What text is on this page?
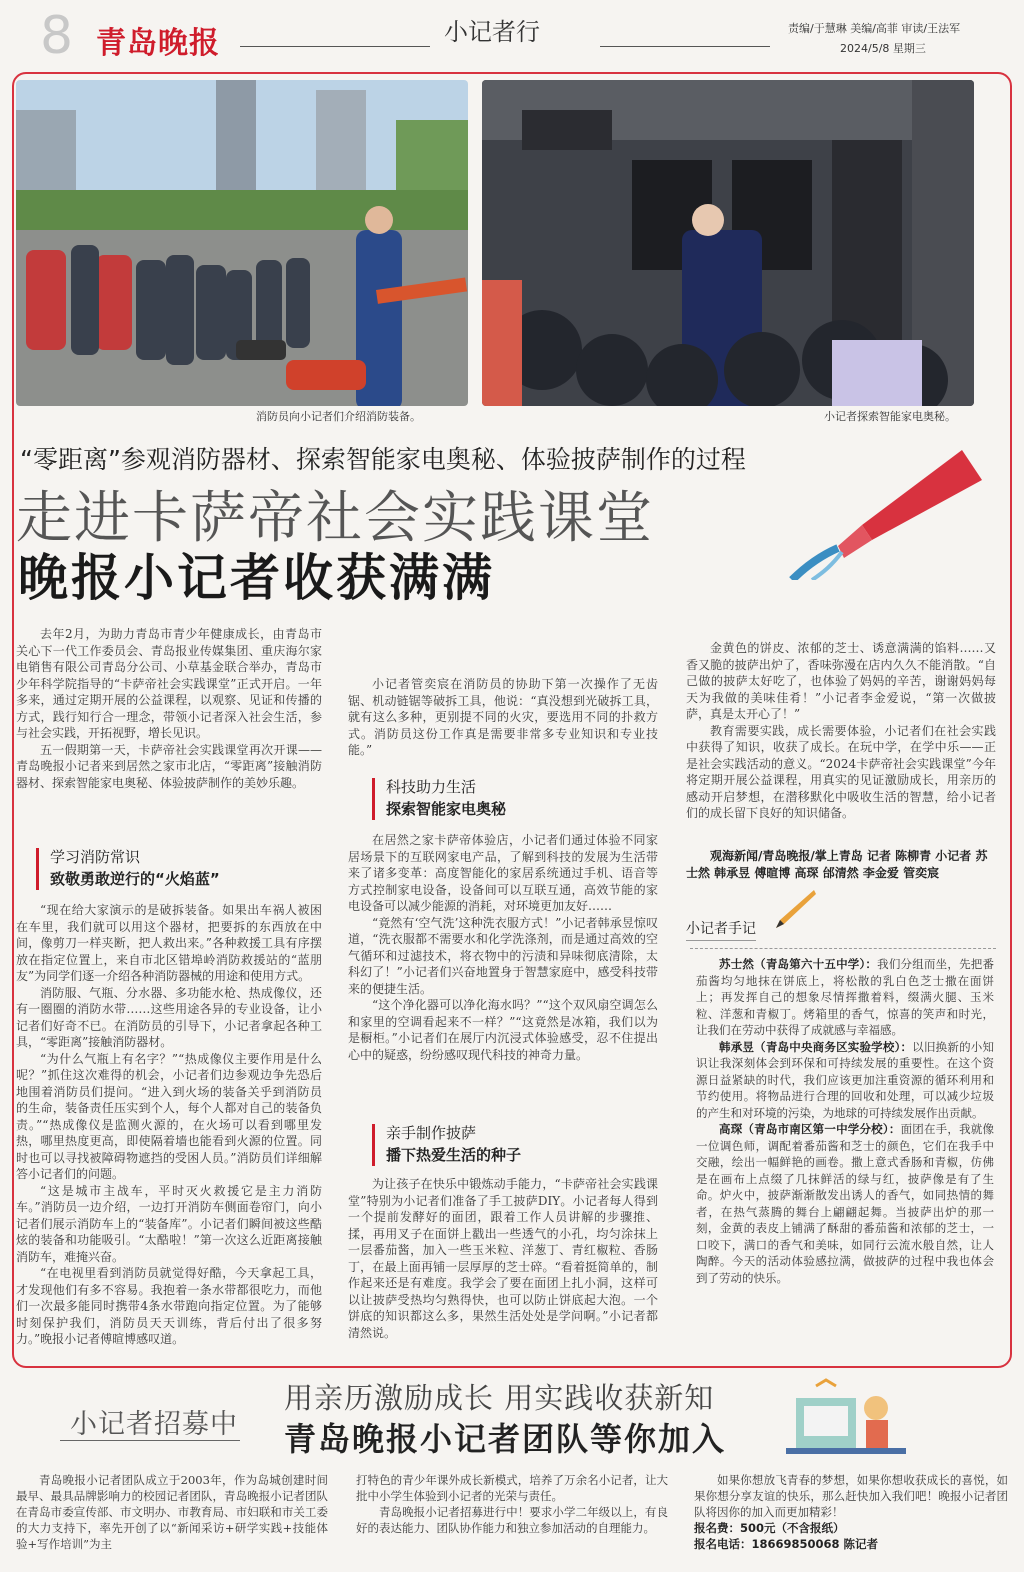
8 青岛晚报	小记者行	责编/于慧琳 美编/高菲 审读/王法军
2024/5/8 星期三
消防员向小记者们介绍消防装备。	小记者探索智能家电奥秘。
“零距离”参观消防器材、探索智能家电奥秘、体验披萨制作的过程
走进卡萨帝社会实践课堂
晚报小记者收获满满

去年2月，为助力青岛市青少年健康成长，由青岛市关心下一代工作委员会、青岛报业传媒集团、重庆海尔家电销售有限公司青岛分公司、小草基金联合举办，青岛市少年科学院指导的“卡萨帝社会实践课堂”正式开启。一年多来，通过定期开展的公益课程，以观察、见证和传播的方式，践行知行合一理念，带领小记者深入社会生活，参与社会实践，开拓视野，增长见识。

五一假期第一天，卡萨帝社会实践课堂再次开课——青岛晚报小记者来到居然之家市北店，“零距离”接触消防器材、探索智能家电奥秘、体验披萨制作的美妙乐趣。

学习消防常识
致敬勇敢逆行的“火焰蓝”

“现在给大家演示的是破拆装备。如果出车祸人被困在车里，我们就可以用这个器材，把要拆的东西放在中间，像剪刀一样夹断，把人救出来。”各种救援工具有序摆放在指定位置上，来自市北区错埠岭消防救援站的“蓝朋友”为同学们逐一介绍各种消防器械的用途和使用方式。

消防服、气瓶、分水器、多功能水枪、热成像仪，还有一圈圈的消防水带……这些用途各异的专业设备，让小记者们好奇不已。在消防员的引导下，小记者拿起各种工具，“零距离”接触消防器材。

“为什么气瓶上有名字？”“热成像仪主要作用是什么呢？”抓住这次难得的机会，小记者们边参观边争先恐后地围着消防员们提问。“进入到火场的装备关乎到消防员的生命，装备责任压实到个人，每个人都对自己的装备负责。”“热成像仪是监测火源的，在火场可以看到哪里发热，哪里热度更高，即使隔着墙也能看到火源的位置。同时也可以寻找被障碍物遮挡的受困人员。”消防员们详细解答小记者们的问题。

“这是城市主战车，平时灭火救援它是主力消防车。”消防员一边介绍，一边打开消防车侧面卷帘门，向小记者们展示消防车上的“装备库”。小记者们瞬间被这些酷炫的装备和功能吸引。“太酷啦！”第一次这么近距离接触消防车，难掩兴奋。

“在电视里看到消防员就觉得好酷，今天拿起工具，才发现他们有多不容易。我抱着一条水带都很吃力，而他们一次最多能同时携带4条水带跑向指定位置。为了能够时刻保护我们，消防员天天训练，背后付出了很多努力。”晚报小记者傅暄博感叹道。

小记者管奕宸在消防员的协助下第一次操作了无齿锯、机动链锯等破拆工具，他说：“真没想到光破拆工具，就有这么多种，更别提不同的火灾，要选用不同的扑救方式。消防员这份工作真是需要非常多专业知识和专业技能。”

科技助力生活
探索智能家电奥秘

在居然之家卡萨帝体验店，小记者们通过体验不同家居场景下的互联网家电产品，了解到科技的发展为生活带来了诸多变革：高度智能化的家居系统通过手机、语音等方式控制家电设备，设备间可以互联互通，高效节能的家电设备可以减少能源的消耗，对环境更加友好……

“竟然有‘空气洗’这种洗衣服方式！”小记者韩承昱惊叹道，“洗衣服都不需要水和化学洗涤剂，而是通过高效的空气循环和过滤技术，将衣物中的污渍和异味彻底清除，太科幻了！”小记者们兴奋地置身于智慧家庭中，感受科技带来的便捷生活。

“这个净化器可以净化海水吗？”“这个双风扇空调怎么和家里的空调看起来不一样？”“这竟然是冰箱，我们以为是橱柜。”小记者们在展厅内沉浸式体验感受，忍不住提出心中的疑惑，纷纷感叹现代科技的神奇力量。

亲手制作披萨
播下热爱生活的种子

为让孩子在快乐中锻炼动手能力，“卡萨帝社会实践课堂”特别为小记者们准备了手工披萨DIY。小记者每人得到一个提前发酵好的面团，跟着工作人员讲解的步骤推、揉，再用叉子在面饼上戳出一些透气的小孔，均匀涂抹上一层番茄酱，加入一些玉米粒、洋葱丁、青红椒粒、香肠丁，在最上面再铺一层厚厚的芝士碎。“看着挺简单的，制作起来还是有难度。我学会了要在面团上扎小洞，这样可以让披萨受热均匀熟得快，也可以防止饼底起大泡。一个饼底的知识都这么多，果然生活处处是学问啊。”小记者都清然说。

金黄色的饼皮、浓郁的芝士、诱意满满的馅料……又香又脆的披萨出炉了，香味弥漫在店内久久不能消散。“自己做的披萨太好吃了，也体验了妈妈的辛苦，谢谢妈妈每天为我做的美味佳肴！”小记者李金爱说，“第一次做披萨，真是太开心了！”

教育需要实践，成长需要体验，小记者们在社会实践中获得了知识，收获了成长。在玩中学，在学中乐——正是社会实践活动的意义。“2024卡萨帝社会实践课堂”今年将定期开展公益课程，用真实的见证激励成长，用亲历的感动开启梦想，在潜移默化中吸收生活的智慧，给小记者们的成长留下良好的知识储备。

观海新闻/青岛晚报/掌上青岛 记者 陈柳青 小记者 苏士然 韩承昱 傅暄博 高琛 邰清然 李金爱 管奕宸
小记者手记

苏士然（青岛第六十五中学）：我们分组而坐，先把番茄酱均匀地抹在饼底上，将松散的乳白色芝士撒在面饼上；再发挥自己的想象尽情挥撒着料，缀满火腿、玉米粒、洋葱和青椒丁。烤箱里的香气，惊喜的笑声和时光，让我们在劳动中获得了成就感与幸福感。

韩承昱（青岛中央商务区实验学校）：以旧换新的小知识让我深刻体会到环保和可持续发展的重要性。在这个资源日益紧缺的时代，我们应该更加注重资源的循环利用和节约使用。将物品进行合理的回收和处理，可以减少垃圾的产生和对环境的污染，为地球的可持续发展作出贡献。

高琛（青岛市南区第一中学分校）：面团在手，我就像一位调色师，调配着番茄酱和芝士的颜色，它们在我手中交融，绘出一幅鲜艳的画卷。撒上意式香肠和青椒，仿佛是在画布上点缀了几抹鲜活的绿与红，披萨像是有了生命。炉火中，披萨渐渐散发出诱人的香气，如同热情的舞者，在热气蒸腾的舞台上翩翩起舞。当披萨出炉的那一刻，金黄的表皮上铺满了酥甜的番茄酱和浓郁的芝士，一口咬下，满口的香气和美味，如同行云流水般自然，让人陶醉。今天的活动体验感拉满，做披萨的过程中我也体会到了劳动的快乐。

小记者招募中
用亲历激励成长 用实践收获新知
青岛晚报小记者团队等你加入

青岛晚报小记者团队成立于2003年，作为岛城创建时间最早、最具品牌影响力的校园记者团队，青岛晚报小记者团队在青岛市委宣传部、市文明办、市教育局、市妇联和市关工委的大力支持下，率先开创了以“新闻采访+研学实践+技能体验+写作培训”为主

打特色的青少年课外成长新模式，培养了万余名小记者，让大批中小学生体验到小记者的光荣与责任。

青岛晚报小记者招募进行中！要求小学二年级以上，有良好的表达能力、团队协作能力和独立参加活动的自理能力。

如果你想放飞青春的梦想，如果你想收获成长的喜悦，如果你想分享友谊的快乐，那么赶快加入我们吧！晚报小记者团队将因你的加入而更加精彩！

报名费：500元（不含报纸）
报名电话：18669850068 陈记者
